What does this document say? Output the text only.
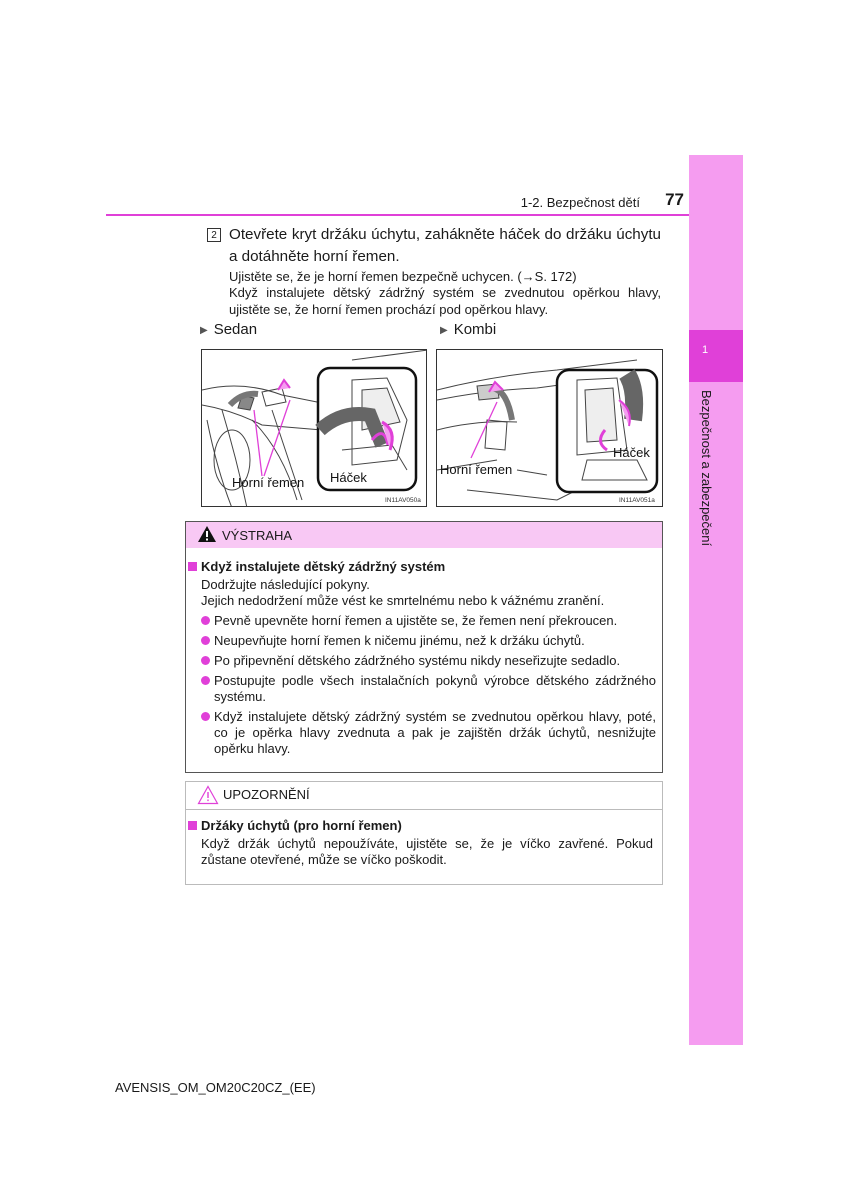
1
Bezpečnost a zabezpečení
1-2. Bezpečnost dětí	77
2 Otevřete kryt držáku úchytu, zahákněte háček do držáku úchytu a dotáhněte horní řemen.
Ujistěte se, že je horní řemen bezpečně uchycen. (→S. 172)
Když instalujete dětský zádržný systém se zvednutou opěrkou hlavy, ujistěte se, že horní řemen prochází pod opěrkou hlavy.
▶ Sedan	▶ Kombi
Horní řemen Háček
IN11AV050a
Horní řemen
Háček
IN11AV051a
VÝSTRAHA
Když instalujete dětský zádržný systém
Dodržujte následující pokyny.
Jejich nedodržení může vést ke smrtelnému nebo k vážnému zranění.
Pevně upevněte horní řemen a ujistěte se, že řemen není překroucen.
Neupevňujte horní řemen k ničemu jinému, než k držáku úchytů.
Po připevnění dětského zádržného systému nikdy neseřizujte sedadlo.
Postupujte podle všech instalačních pokynů výrobce dětského zádržného systému.
Když instalujete dětský zádržný systém se zvednutou opěrkou hlavy, poté, co je opěrka hlavy zvednuta a pak je zajištěn držák úchytů, nesnižujte opěrku hlavy.
UPOZORNĚNÍ
Držáky úchytů (pro horní řemen)
Když držák úchytů nepoužíváte, ujistěte se, že je víčko zavřené. Pokud zůstane otevřené, může se víčko poškodit.
AVENSIS_OM_OM20C20CZ_(EE)
